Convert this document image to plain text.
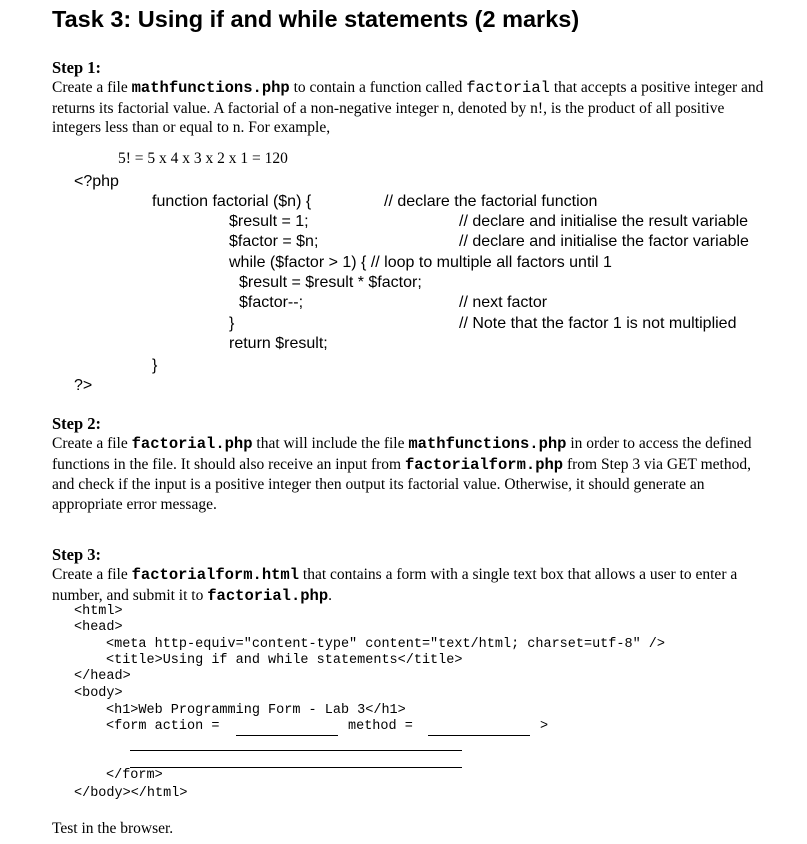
Task 3: Using if and while statements (2 marks)
Step 1:
Create a file mathfunctions.php to contain a function called factorial that accepts a positive integer and returns its factorial value. A factorial of a non-negative integer n, denoted by n!, is the product of all positive integers less than or equal to n. For example,
5! = 5 x 4 x 3 x 2 x 1 = 120
<?php
function factorial ($n) {	// declare the factorial function
$result = 1;	// declare and initialise the result variable
$factor = $n;	// declare and initialise the factor variable
while ($factor > 1) { // loop to multiple all factors until 1
$result = $result * $factor;
$factor--;	// next factor
}	// Note that the factor 1 is not multiplied
return $result;
}
?>
Step 2:
Create a file factorial.php that will include the file mathfunctions.php in order to access the defined functions in the file. It should also receive an input from factorialform.php from Step 3 via GET method, and check if the input is a positive integer then output its factorial value. Otherwise, it should generate an appropriate error message.
Step 3:
Create a file factorialform.html that contains a form with a single text box that allows a user to enter a number, and submit it to factorial.php.
<html>
<head>
<meta http-equiv="content-type" content="text/html; charset=utf-8" />
<title>Using if and while statements</title>
</head>
<body>
<h1>Web Programming Form - Lab 3</h1>
<form action =	method =	>
</form>
</body></html>
Test in the browser.
